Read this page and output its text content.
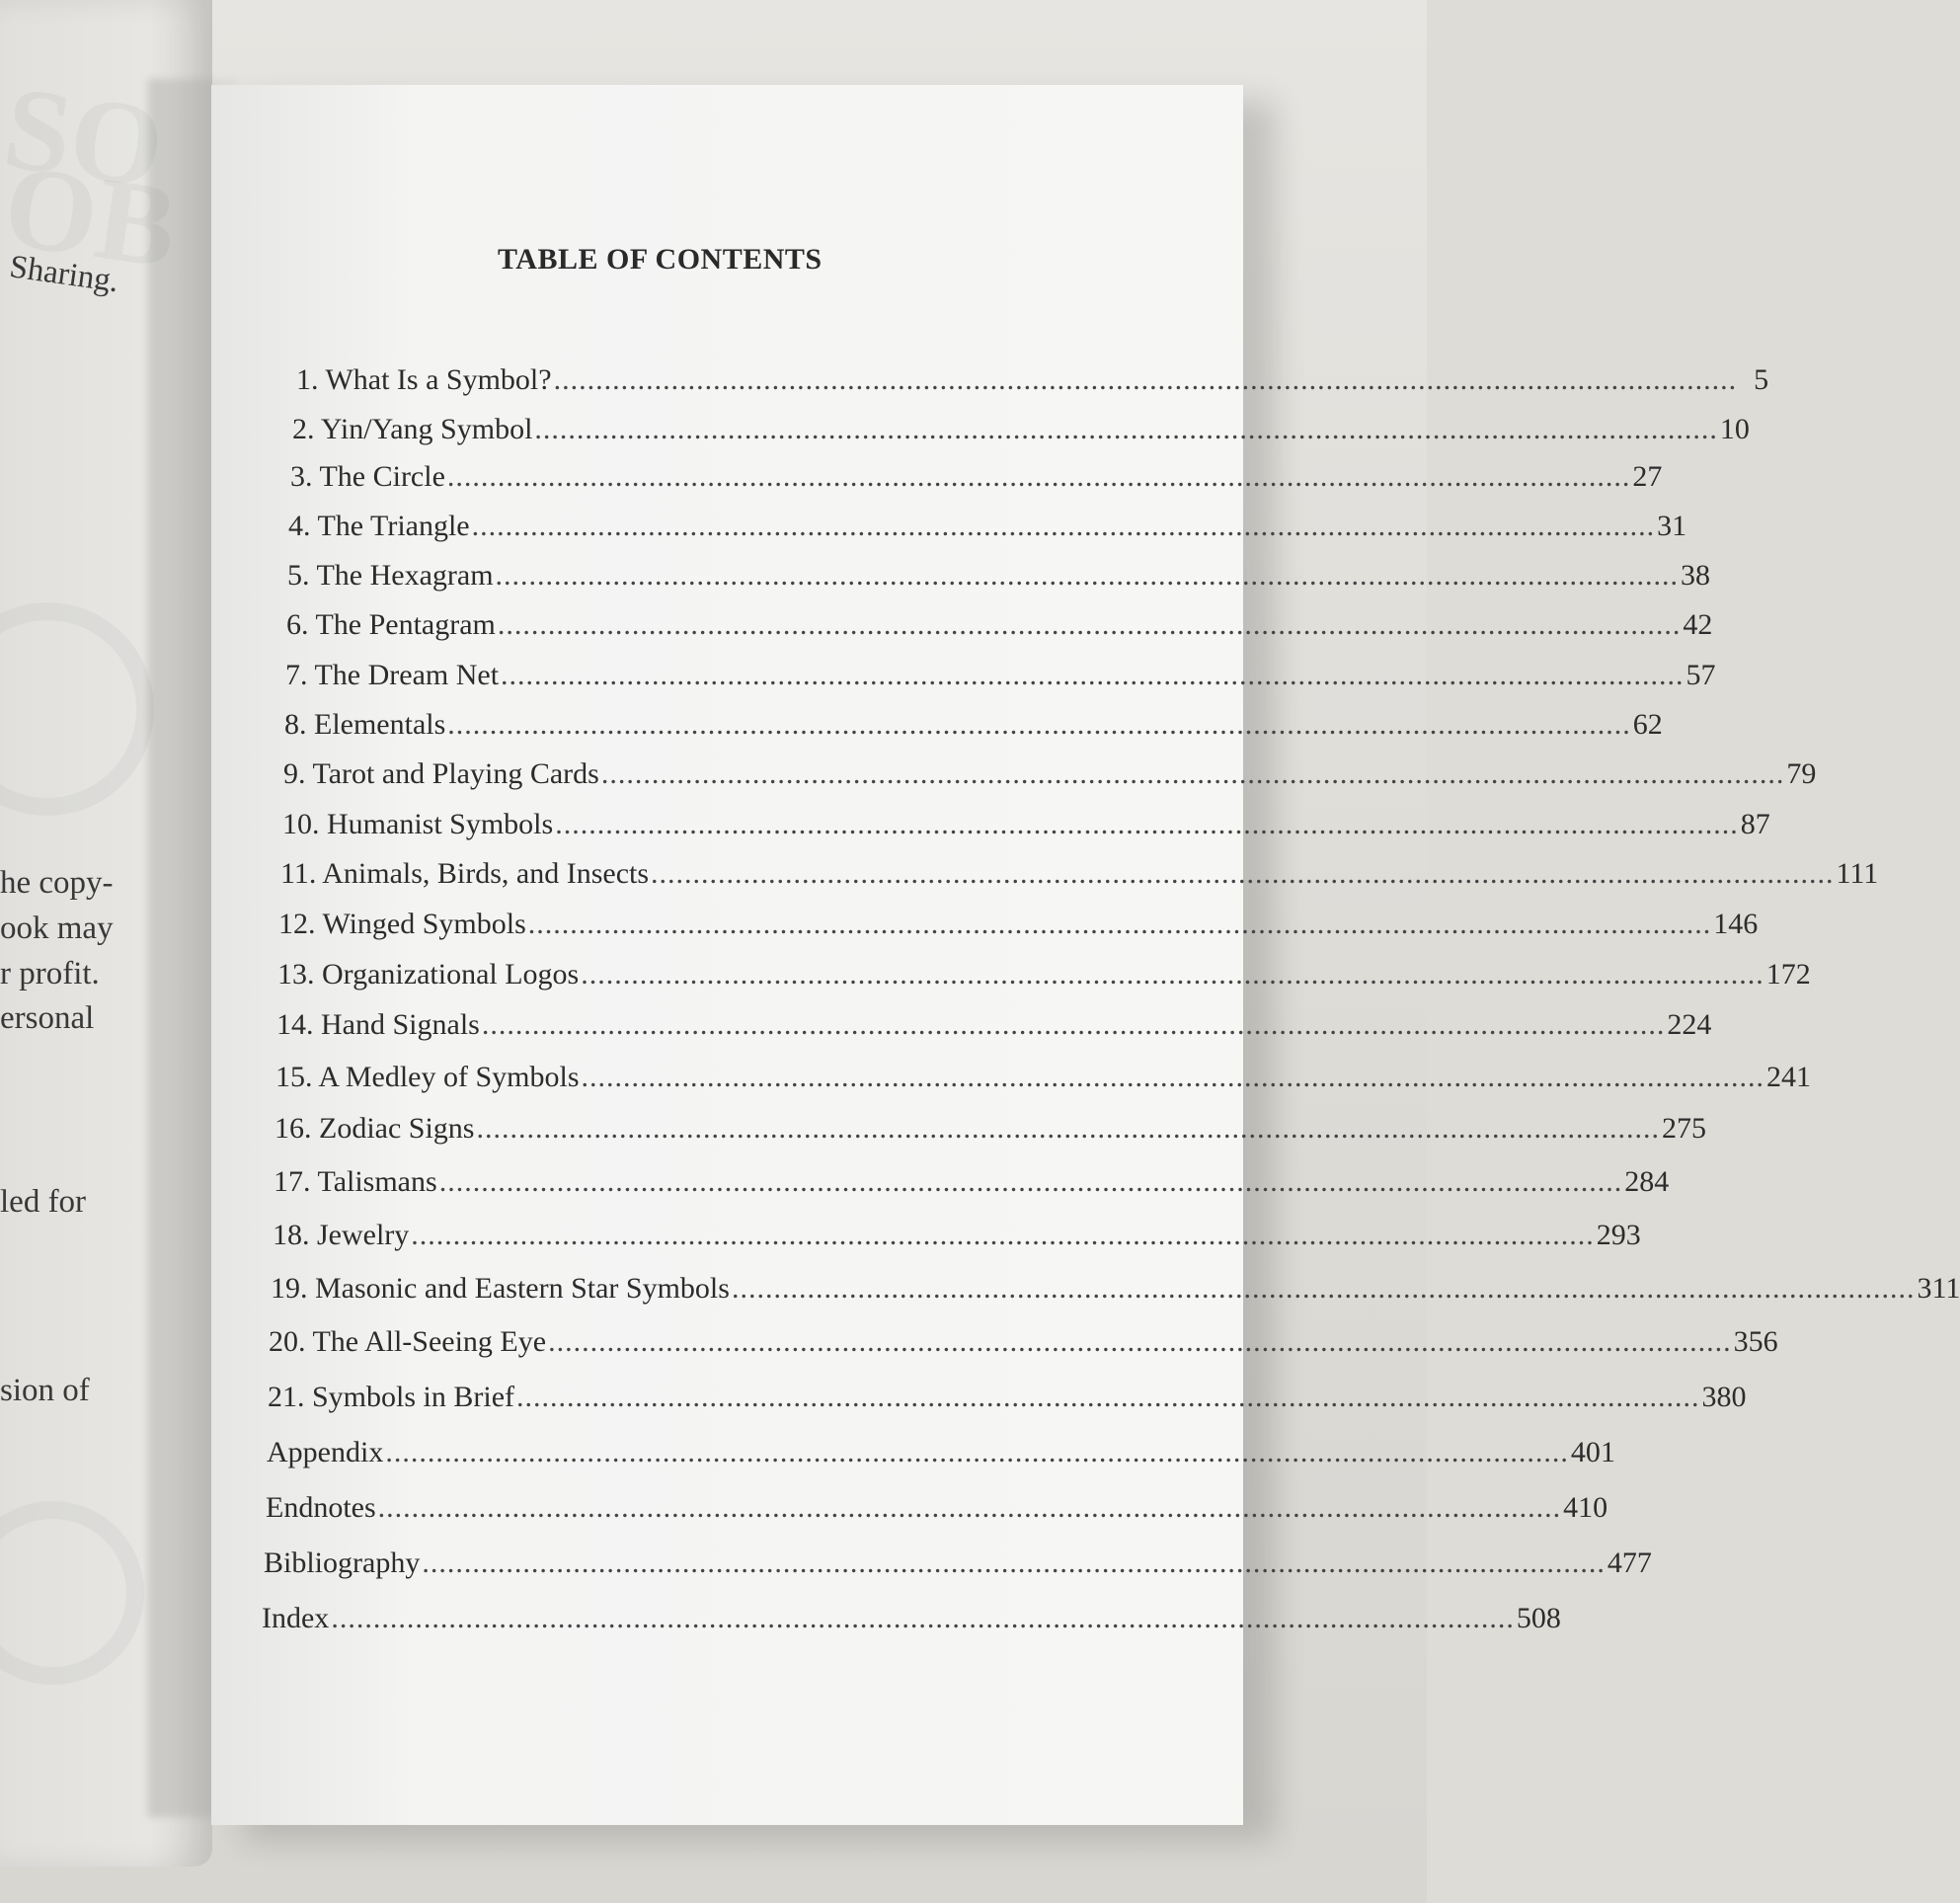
Sharing.

he copy-

ook may

r profit.

ersonal

led for

sion of

TABLE OF CONTENTS
1. What Is a Symbol? ............................................................................................................................................. 5
2. Yin/Yang Symbol ............................................................................................................................................. 10
3. The Circle ............................................................................................................................................. 27
4. The Triangle ............................................................................................................................................. 31
5. The Hexagram ............................................................................................................................................. 38
6. The Pentagram ............................................................................................................................................. 42
7. The Dream Net ............................................................................................................................................. 57
8. Elementals ............................................................................................................................................. 62
9. Tarot and Playing Cards ............................................................................................................................................. 79
10. Humanist Symbols ............................................................................................................................................. 87
11. Animals, Birds, and Insects ............................................................................................................................................. 111
12. Winged Symbols ............................................................................................................................................. 146
13. Organizational Logos ............................................................................................................................................. 172
14. Hand Signals ............................................................................................................................................. 224
15. A Medley of Symbols ............................................................................................................................................. 241
16. Zodiac Signs ............................................................................................................................................. 275
17. Talismans ............................................................................................................................................. 284
18. Jewelry ............................................................................................................................................. 293
19. Masonic and Eastern Star Symbols ............................................................................................................................................. 311
20. The All-Seeing Eye ............................................................................................................................................. 356
21. Symbols in Brief ............................................................................................................................................. 380
Appendix ............................................................................................................................................. 401
Endnotes ............................................................................................................................................. 410
Bibliography ............................................................................................................................................. 477
Index ............................................................................................................................................. 508
